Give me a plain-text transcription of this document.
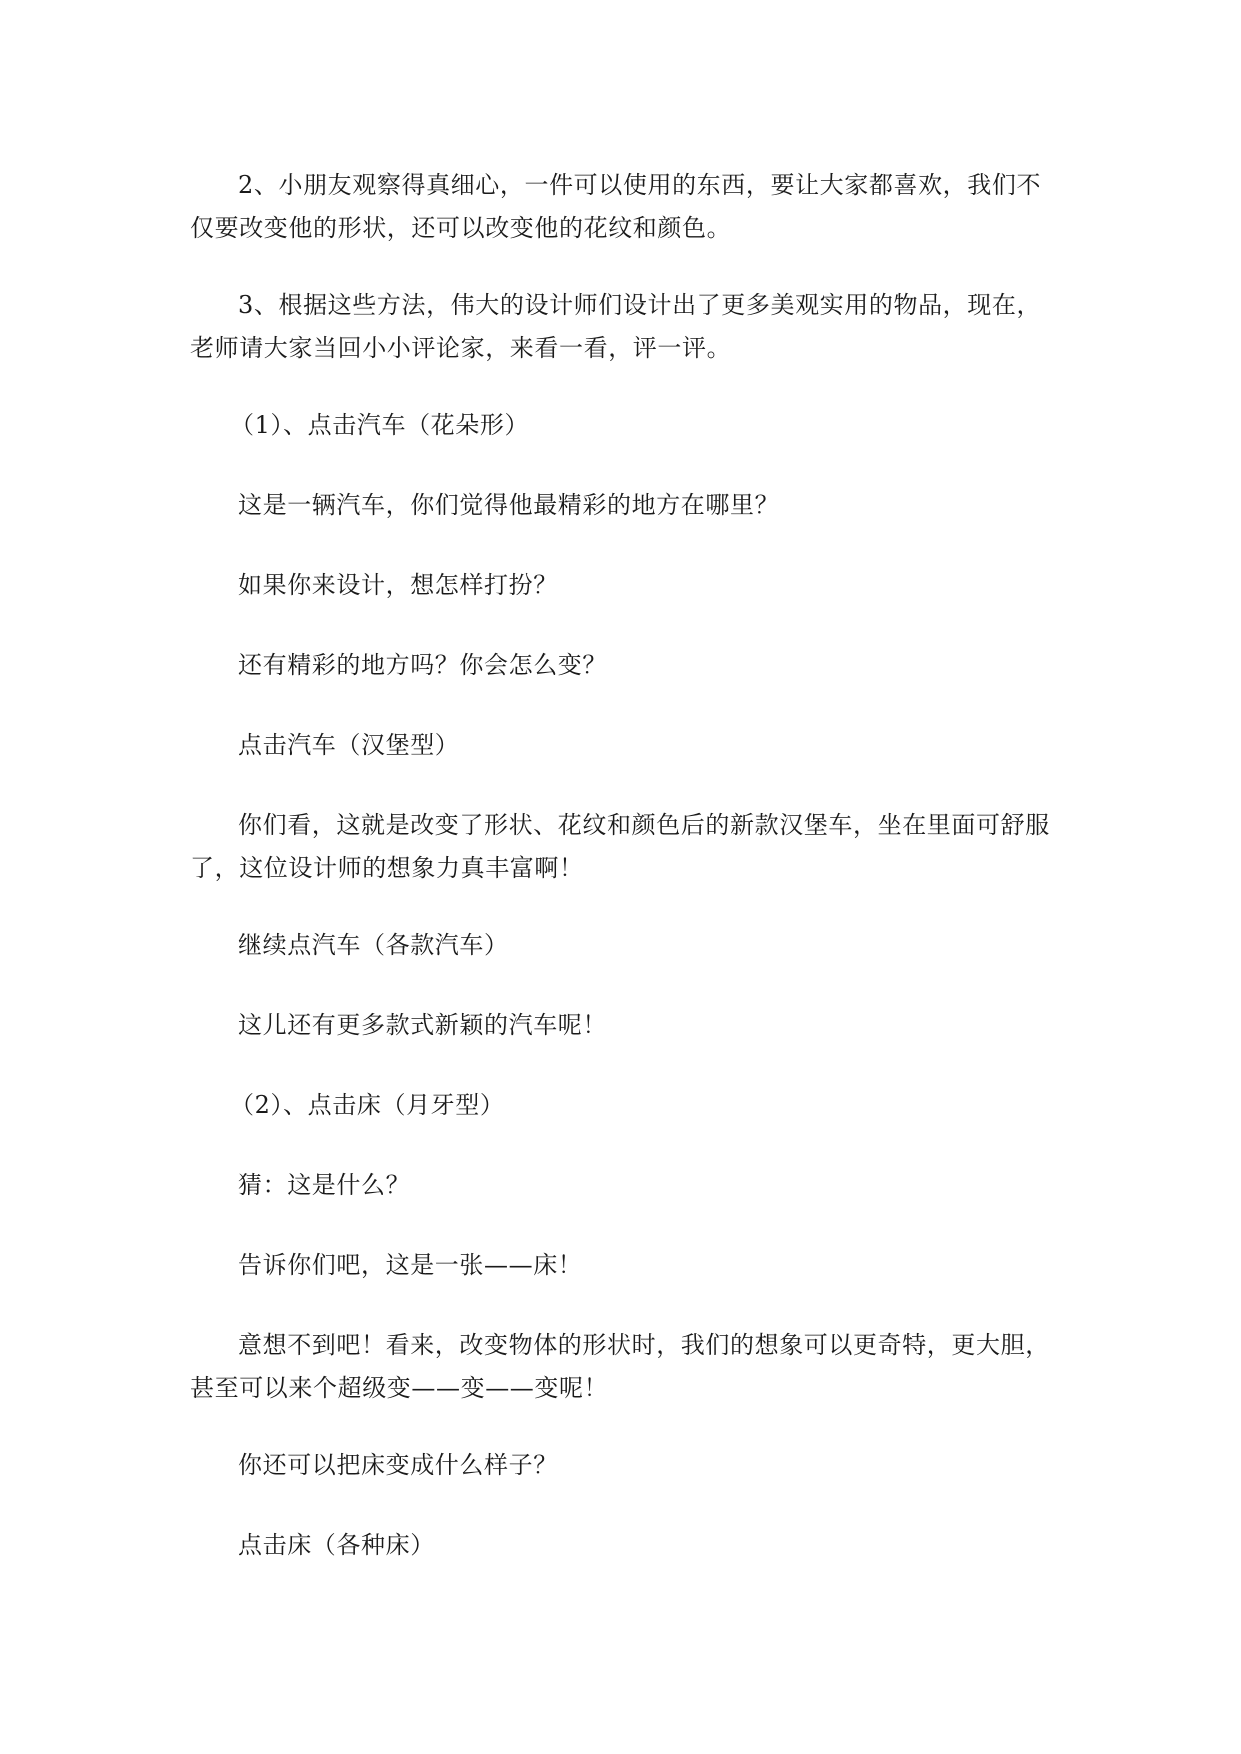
2、小朋友观察得真细心，一件可以使用的东西，要让大家都喜欢，我们不仅要改变他的形状，还可以改变他的花纹和颜色。

3、根据这些方法，伟大的设计师们设计出了更多美观实用的物品，现在，老师请大家当回小小评论家，来看一看，评一评。

（1）、点击汽车（花朵形）

这是一辆汽车，你们觉得他最精彩的地方在哪里？

如果你来设计，想怎样打扮？

还有精彩的地方吗？你会怎么变？

点击汽车（汉堡型）

你们看，这就是改变了形状、花纹和颜色后的新款汉堡车，坐在里面可舒服了，这位设计师的想象力真丰富啊！

继续点汽车（各款汽车）

这儿还有更多款式新颖的汽车呢！

（2）、点击床（月牙型）

猜：这是什么？

告诉你们吧，这是一张——床！

意想不到吧！看来，改变物体的形状时，我们的想象可以更奇特，更大胆，甚至可以来个超级变——变——变呢！

你还可以把床变成什么样子？

点击床（各种床）
